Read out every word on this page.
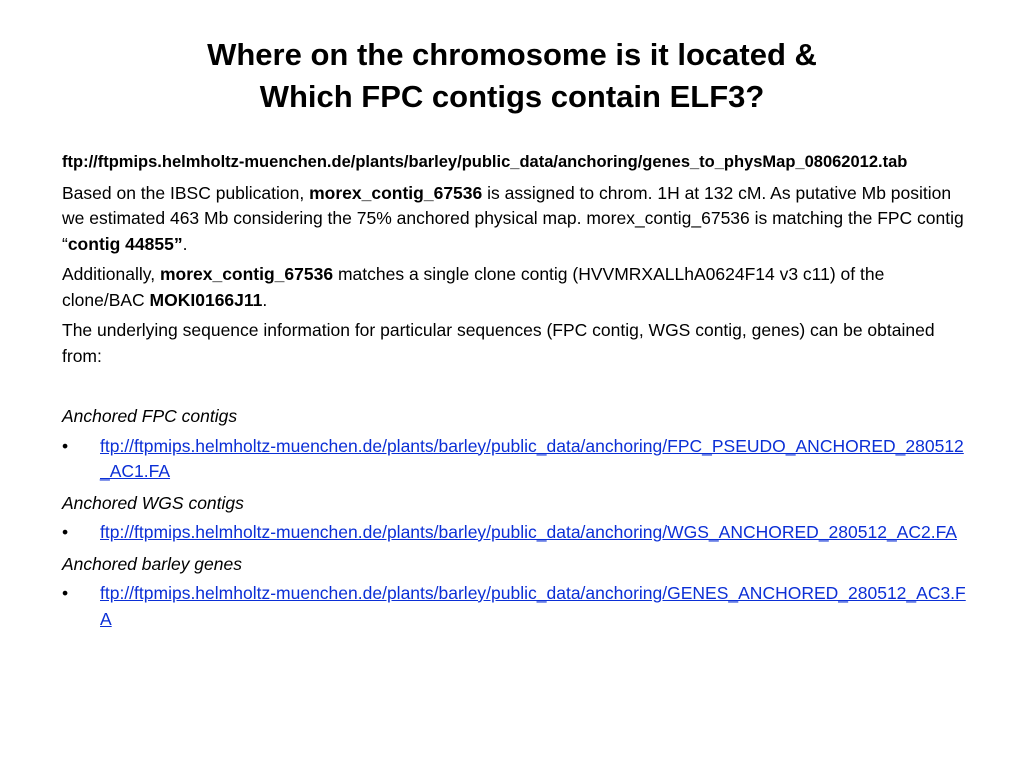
Where on the chromosome is it located &
Which FPC contigs contain ELF3?

ftp://ftpmips.helmholtz-muenchen.de/plants/barley/public_data/anchoring/genes_to_physMap_08062012.tab

Based on the IBSC publication, morex_contig_67536 is assigned to chrom. 1H at 132 cM. As putative Mb position we estimated 463 Mb considering the 75% anchored physical map. morex_contig_67536 is matching the FPC contig “contig 44855”.

Additionally, morex_contig_67536 matches a single clone contig (HVVMRXALLhA0624F14 v3 c11) of the clone/BAC MOKI0166J11.

The underlying sequence information for particular sequences (FPC contig, WGS contig, genes) can be obtained from:

Anchored FPC contigs

• ftp://ftpmips.helmholtz-muenchen.de/plants/barley/public_data/anchoring/FPC_PSEUDO_ANCHORED_280512_AC1.FA

Anchored WGS contigs

• ftp://ftpmips.helmholtz-muenchen.de/plants/barley/public_data/anchoring/WGS_ANCHORED_280512_AC2.FA

Anchored barley genes

• ftp://ftpmips.helmholtz-muenchen.de/plants/barley/public_data/anchoring/GENES_ANCHORED_280512_AC3.FA
